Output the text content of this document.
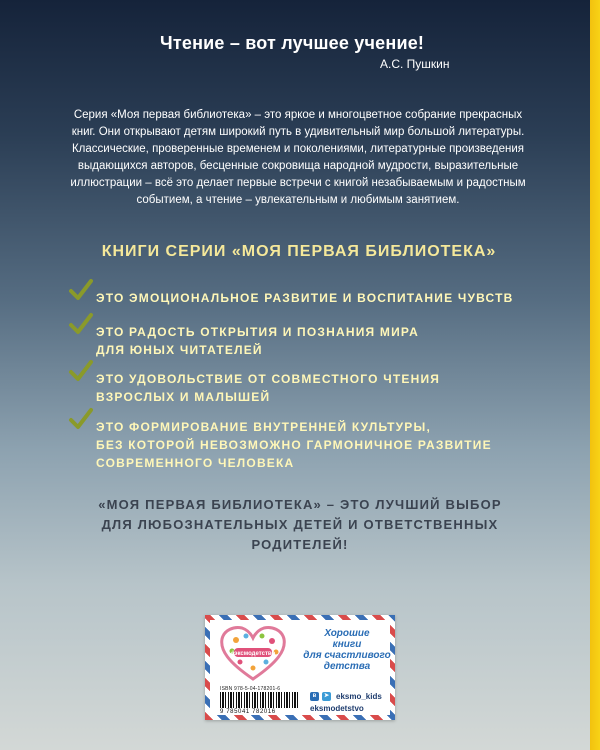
Чтение – вот лучшее учение!
А.С. Пушкин
Серия «Моя первая библиотека» – это яркое и многоцветное собрание прекрасных книг. Они открывают детям широкий путь в удивительный мир большой литературы. Классические, проверенные временем и поколениями, литературные произведения выдающихся авторов, бесценные сокровища народной мудрости, выразительные иллюстрации – всё это делает первые встречи с книгой незабываемым и радостным событием, а чтение – увлекательным и любимым занятием.
КНИГИ СЕРИИ «МОЯ ПЕРВАЯ БИБЛИОТЕКА»
ЭТО ЭМОЦИОНАЛЬНОЕ РАЗВИТИЕ И ВОСПИТАНИЕ ЧУВСТВ
ЭТО РАДОСТЬ ОТКРЫТИЯ И ПОЗНАНИЯ МИРА
ДЛЯ ЮНЫХ ЧИТАТЕЛЕЙ
ЭТО УДОВОЛЬСТВИЕ ОТ СОВМЕСТНОГО ЧТЕНИЯ
ВЗРОСЛЫХ И МАЛЫШЕЙ
ЭТО ФОРМИРОВАНИЕ ВНУТРЕННЕЙ КУЛЬТУРЫ,
БЕЗ КОТОРОЙ НЕВОЗМОЖНО ГАРМОНИЧНОЕ РАЗВИТИЕ
СОВРЕМЕННОГО ЧЕЛОВЕКА
«МОЯ ПЕРВАЯ БИБЛИОТЕКА» – ЭТО ЛУЧШИЙ ВЫБОР
ДЛЯ ЛЮБОЗНАТЕЛЬНЫХ ДЕТЕЙ И ОТВЕТСТВЕННЫХ
РОДИТЕЛЕЙ!
#эксмодетство
Хорошие
книги
для счастливого
детства
ISBN 978-5-04-178201-6
9 785041 782016
в	➤ eksmo_kids
eksmodetstvo
